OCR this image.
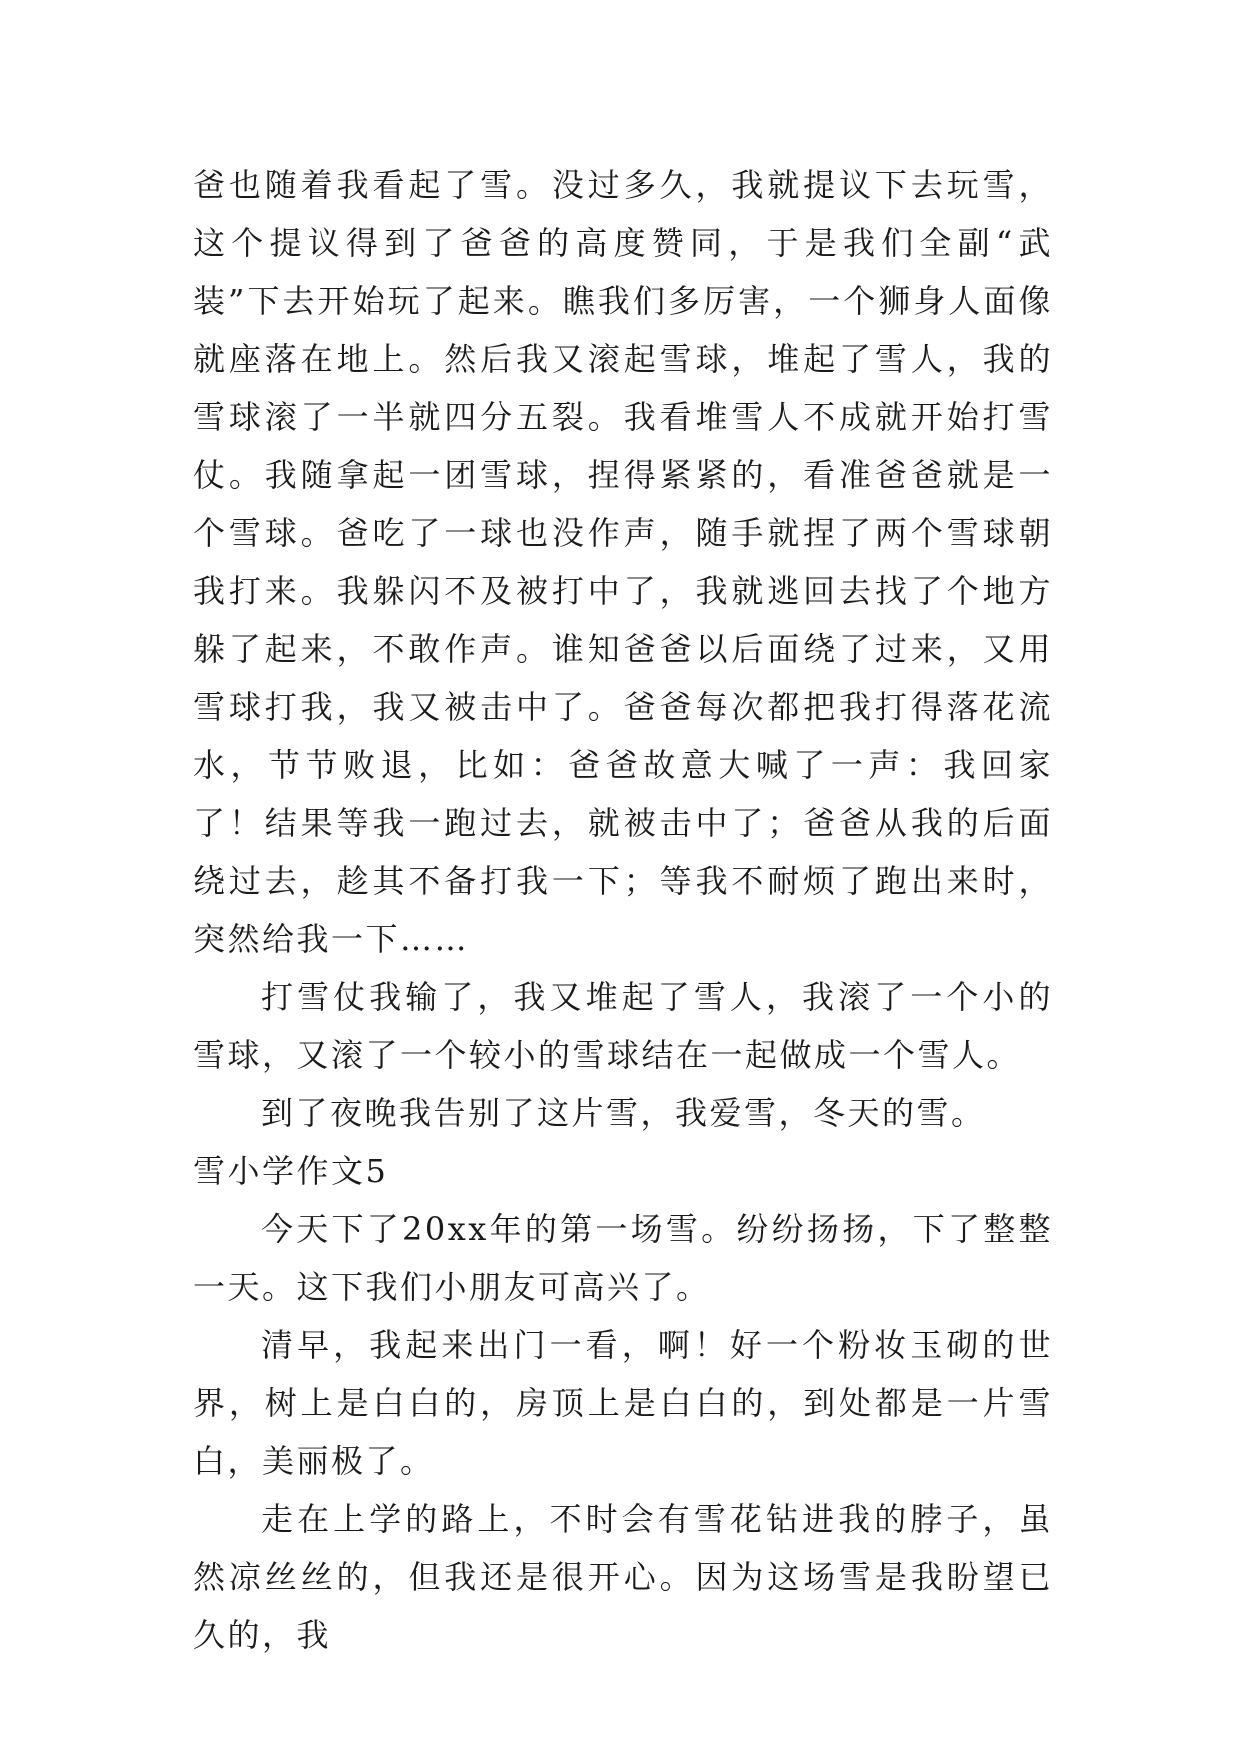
爸也随着我看起了雪。没过多久，我就提议下去玩雪，这个提议得到了爸爸的高度赞同，于是我们全副“武装”下去开始玩了起来。瞧我们多厉害，一个狮身人面像就座落在地上。然后我又滚起雪球，堆起了雪人，我的雪球滚了一半就四分五裂。我看堆雪人不成就开始打雪仗。我随拿起一团雪球，捏得紧紧的，看准爸爸就是一个雪球。爸吃了一球也没作声，随手就捏了两个雪球朝我打来。我躲闪不及被打中了，我就逃回去找了个地方躲了起来，不敢作声。谁知爸爸以后面绕了过来，又用雪球打我，我又被击中了。爸爸每次都把我打得落花流水，节节败退，比如：爸爸故意大喊了一声：我回家了！结果等我一跑过去，就被击中了；爸爸从我的后面绕过去，趁其不备打我一下；等我不耐烦了跑出来时，突然给我一下……

打雪仗我输了，我又堆起了雪人，我滚了一个小的雪球，又滚了一个较小的雪球结在一起做成一个雪人。

到了夜晚我告别了这片雪，我爱雪，冬天的雪。

雪小学作文5

今天下了20xx年的第一场雪。纷纷扬扬，下了整整一天。这下我们小朋友可高兴了。

清早，我起来出门一看，啊！好一个粉妆玉砌的世界，树上是白白的，房顶上是白白的，到处都是一片雪白，美丽极了。

走在上学的路上，不时会有雪花钻进我的脖子，虽然凉丝丝的，但我还是很开心。因为这场雪是我盼望已久的，我
